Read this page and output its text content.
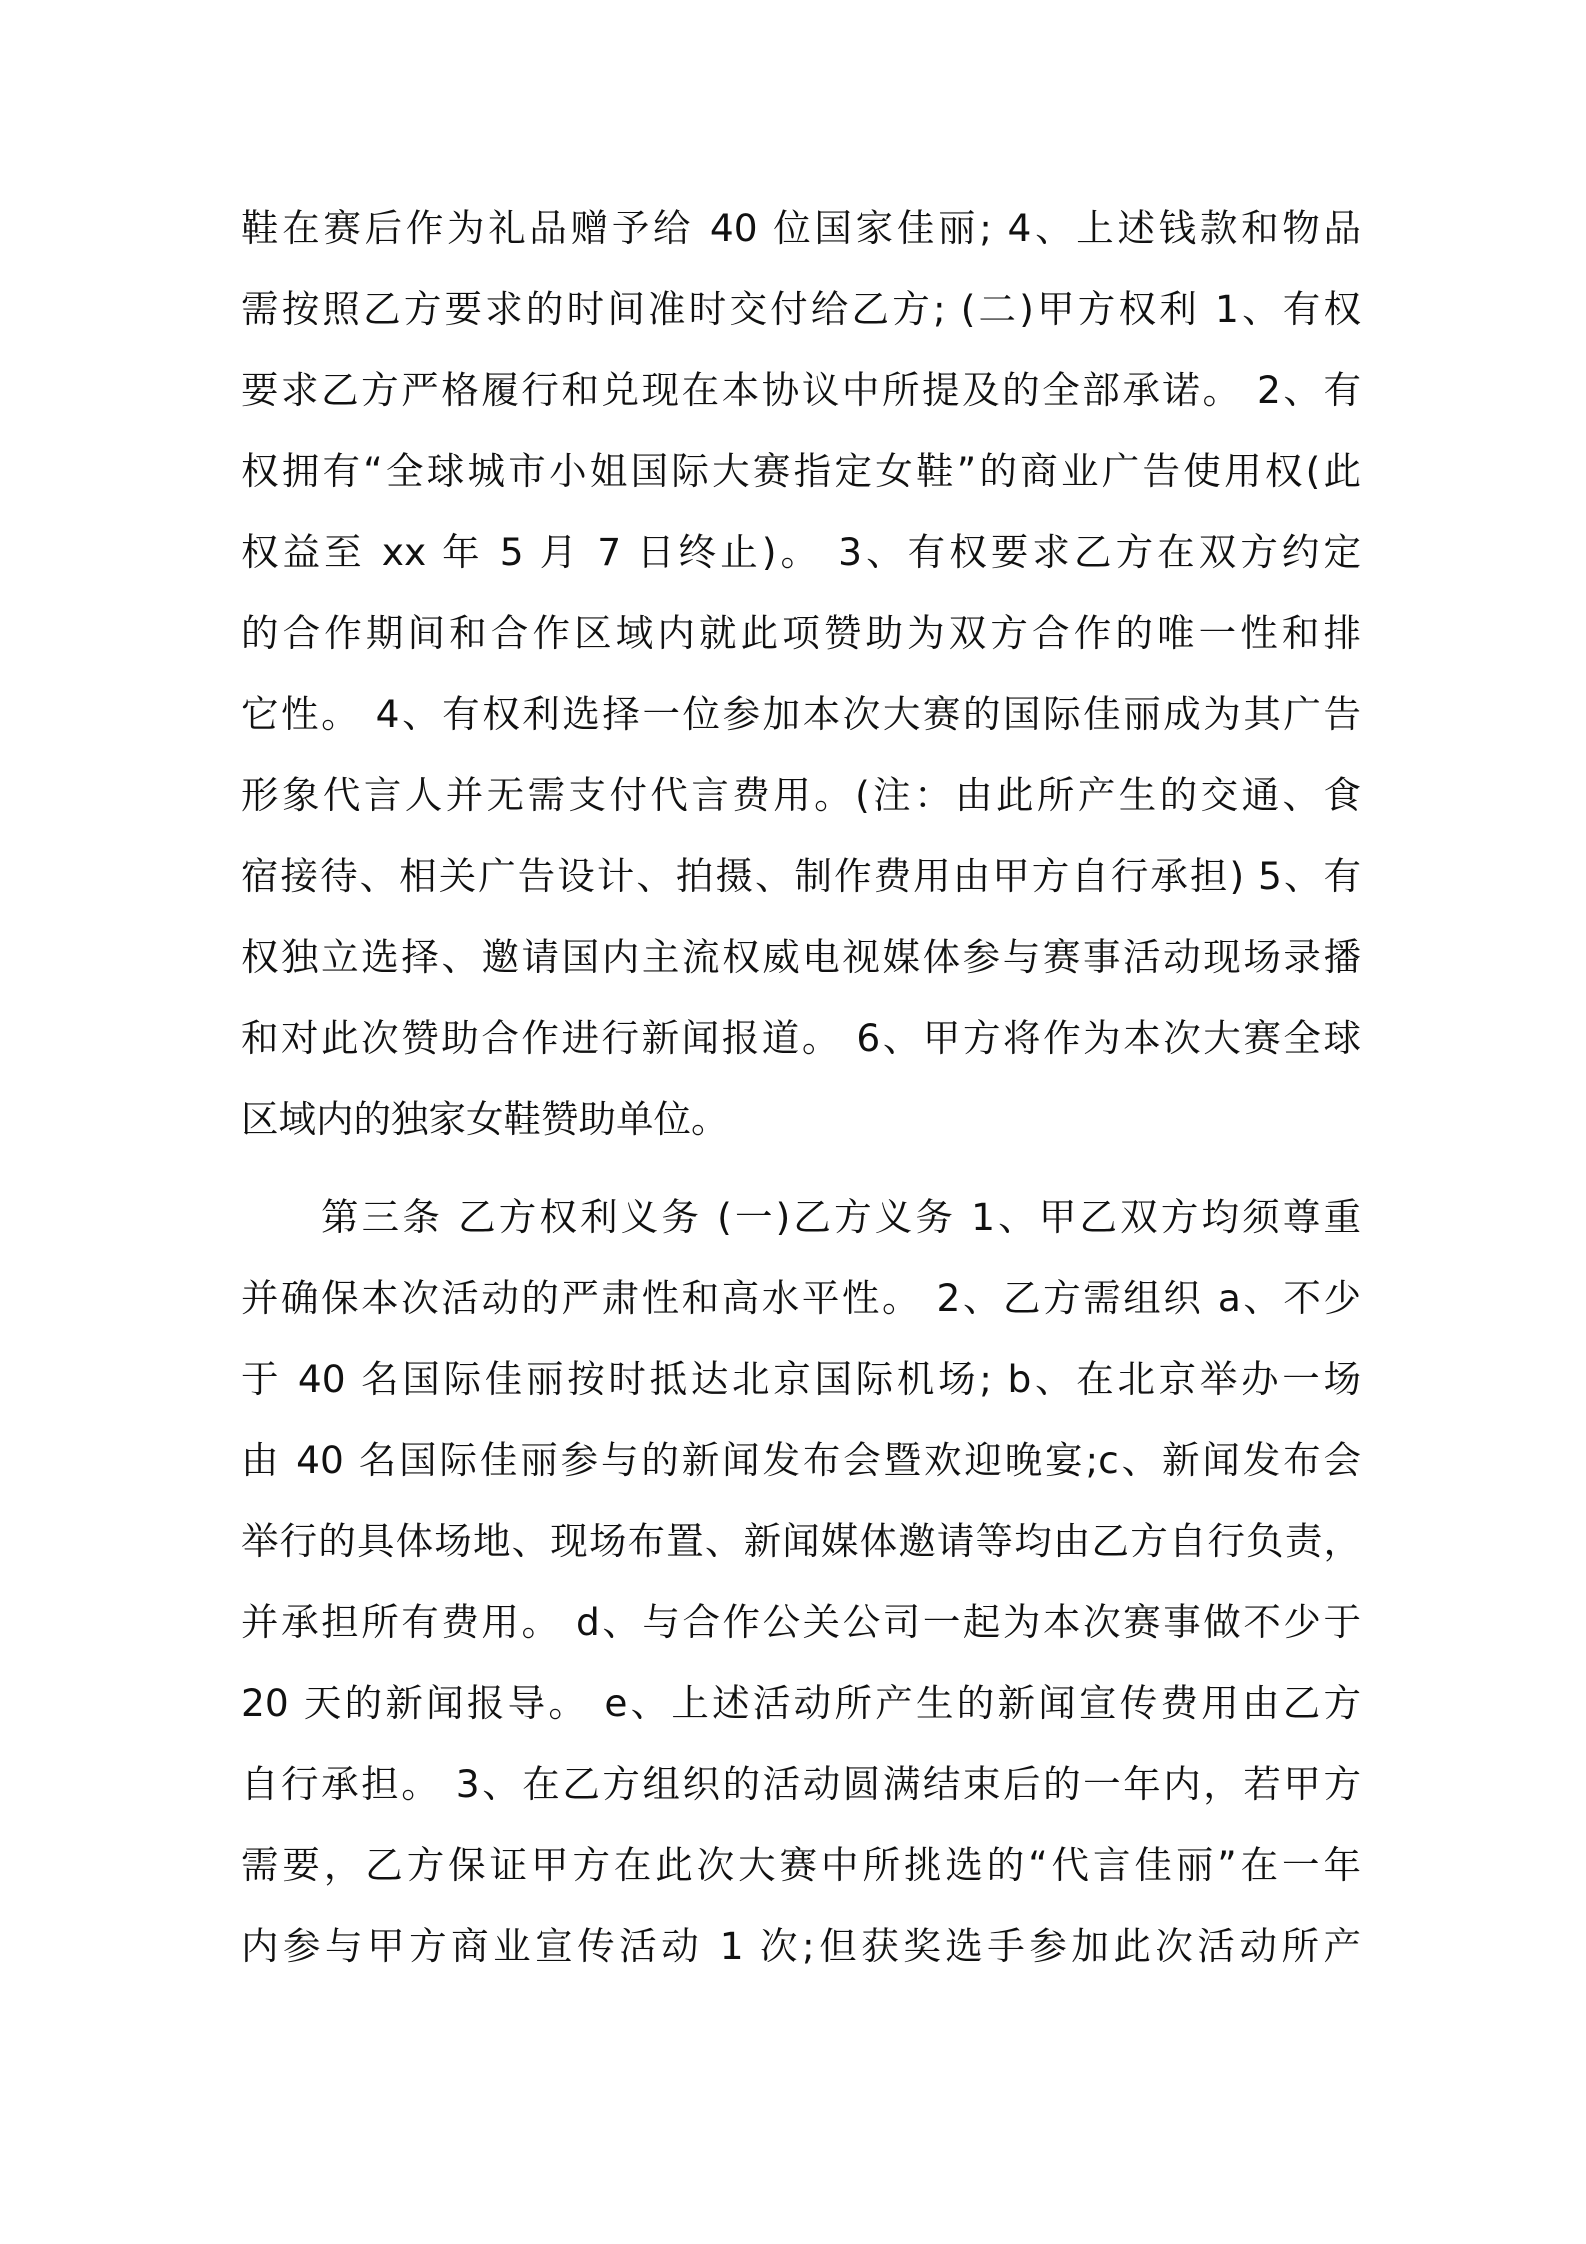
鞋在赛后作为礼品赠予给 40 位国家佳丽; 4、上述钱款和物品
需按照乙方要求的时间准时交付给乙方; (二)甲方权利 1、有权
要求乙方严格履行和兑现在本协议中所提及的全部承诺。 2、有
权拥有“全球城市小姐国际大赛指定女鞋”的商业广告使用权(此
权益至 xx 年 5 月 7 日终止)。 3、有权要求乙方在双方约定
的合作期间和合作区域内就此项赞助为双方合作的唯一性和排
它性。 4、有权利选择一位参加本次大赛的国际佳丽成为其广告
形象代言人并无需支付代言费用。(注：由此所产生的交通、食
宿接待、相关广告设计、拍摄、制作费用由甲方自行承担) 5、有
权独立选择、邀请国内主流权威电视媒体参与赛事活动现场录播
和对此次赞助合作进行新闻报道。 6、甲方将作为本次大赛全球
区域内的独家女鞋赞助单位。
第三条 乙方权利义务 (一)乙方义务 1、甲乙双方均须尊重
并确保本次活动的严肃性和高水平性。 2、乙方需组织 a、不少
于 40 名国际佳丽按时抵达北京国际机场; b、在北京举办一场
由 40 名国际佳丽参与的新闻发布会暨欢迎晚宴;c、新闻发布会
举行的具体场地、现场布置、新闻媒体邀请等均由乙方自行负责，
并承担所有费用。 d、与合作公关公司一起为本次赛事做不少于
20 天的新闻报导。 e、上述活动所产生的新闻宣传费用由乙方
自行承担。 3、在乙方组织的活动圆满结束后的一年内，若甲方
需要，乙方保证甲方在此次大赛中所挑选的“代言佳丽”在一年
内参与甲方商业宣传活动 1 次;但获奖选手参加此次活动所产
